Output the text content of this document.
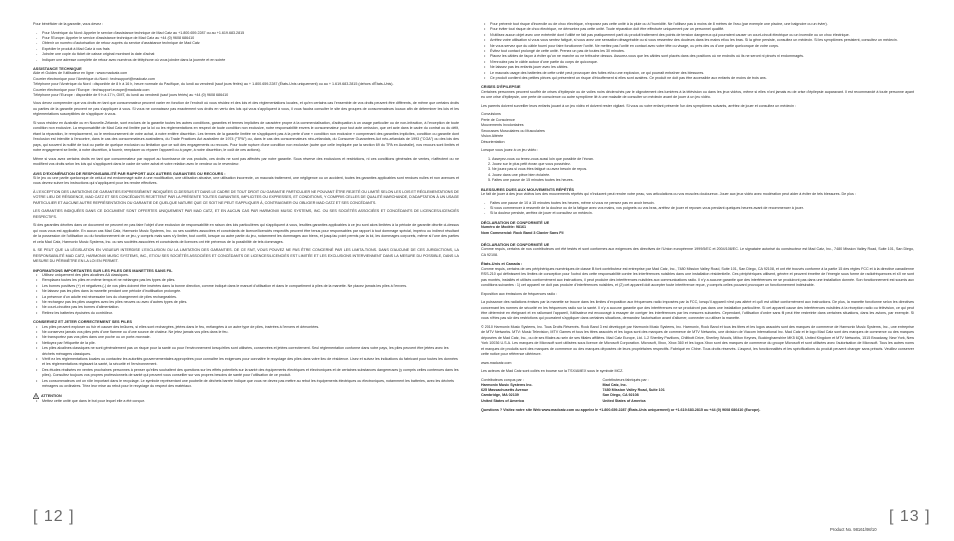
Pour bénéficier de la garantie, vous devez :

- Pour l'Amérique du Nord: Appeler le service d'assistance technique de Mad Catz au +1.800.659.2287 ou au +1.619.683.2815
- Pour l'Europe: Appeler le service d'assistance technique de Mad Catz au +44 (0) 9608 686410
- Obtenir un numéro d'autorisation de retour auprès du service d'assistance technique de Mad Catz
- Expédier le produit à Mad Catz à vos frais
- Joindre une copie du ticket de caisse original montrant la date d'achat
- Indiquer une adresse complète de retour avec numéros de téléphone où vous joindre dans la journée et en soirée
ASSISTANCE TECHNIQUE
Aide et Guides de l'utilisateur en ligne : www.madcatz.com
Courrier électronique pour l'Amérique du Nord : techsupport@madcatz.com
Téléphone pour l'Amérique du Nord : disponible de 8 h à 16 h, heure normale du Pacifique, du lundi au vendredi (sauf jours fériés) au + 1.800.659.2287 (États-Unis uniquement) ou au + 1.619.683.2815 (dehors d'États-Unis).
Courrier électronique pour l'Europe : techsupport.europe@madcatz.com
Téléphone pour l'Europe : disponible de 9 h à 17 h, GMT, du lundi au vendredi (sauf jours fériés) au +44 (0) 9608 686410

Vous devez comprendre que vos droits en tant que consommateur peuvent varier en fonction de l'endroit où vous résidez et des lois et des réglementations locales, et qu'en certains cas l'ensemble de vos droits peuvent être différents, de même que certains droits ou parties de la garantie peuvent ne pas s'appliquer à vous. Si vous ne connaissez pas exactement vos droits en vertu des lois qui vous s'appliquent à vous, il vous faudra consulter le site des groupes de consommateurs locaux afin de déterminer les lois et les réglementations susceptibles de s'appliquer à vous.

Si vous résidez en Australie ou en Nouvelle-Zélande, sont exclues de la garantie toutes les autres conditions, garanties et termes implicites de caractère propre à la commercialisation, d'adéquation à un usage particulier ou de non-infraction, à l'exception de toute condition non exclusive. La responsabilité de Mad Catz est limitée par la loi ou les réglementations en respect de toute condition non exclusive, notre responsabilité envers le consommateur pour tout acte omission, que cet acte dans le cadre du contrat ou du délit, étant la réparation, le remplacement, ou le remboursement de votre achat, à notre entière discrétion. Les termes de la garantie limitée ne s'appliquent pas à la perte d'une « condition non exclusive » comprenant des garanties implicites, condition ou garantie dont l'exclusion est interdite à l'encontre, dans le cas des consommateurs australiens, du Trade Practices Act australien de 1974 ("TPA") ou, dans le cas des consommateurs néo-zélandais, du Consumer Guarantees Act néo-zélandais de 1993 ("CGA") ou des lois des pays, qui souvent la nullité de tout ou partie de quelque exclusion ou limitation que ce soit des engagements ou recours. Pour toute rupture d'une condition non exclusive (autre que celle impliquée par la section 69 du TPA en Australie), nos recours sont limités et notre engagement se limite, à notre discrétion, à fournir, remplacer ou réparer l'appareil ou à payer, à notre discrétion, le coût de ces actions).

Même si vous avez certains droits en tant que consommateur par rapport au fournisseur de vos produits, ces droits ne sont pas affectés par notre garantie. Sous réserve des exclusions et restrictions, ni ces conditions générales de ventes, n'affectent ou ne modifient vos droits selon les lois qui s'appliquent dans le cadre de votre achat et votre relation avec le vendeur ou le revendeur.

AVIS D'EXONÉRATION DE RESPONSABILITÉ PAR RAPPORT AUX AUTRES GARANTIES OU RECOURS :

Si le jeu ou une partie quelconque de celui-ci est endommagé suite à une modification, une utilisation abusive, une utilisation incorrecte, un mauvais traitement, une négligence ou un accident, toutes les garanties applicables sont rendues nulles et non avenues et vous devrez suivre les instructions qui s'appliquent pour les rendre effectives.

À L'EXCEPTION DES LIMITATIONS DE GARANTIES EXPRESSÉMENT INDIQUÉES CI-DESSUS ET DANS LE CADRE DE TOUT DROIT OU GARANTIE PARTICULIER NE POUVANT ÊTRE REJETÉ OU LIMITÉ SELON LES LOIS ET RÉGLEMENTATIONS DE VOTRE LIEU DE RÉSIDENCE, MAD CATZ ET SES CONCÉDANTS REJETTENT PAR LA PRÉSENTE TOUTES GARANTIES, IMPLICITES OU EXPRESSES, ET CONDITIONS, Y COMPRIS CELLES DE QUALITÉ MARCHANDE, D'ADAPTATION À UN USAGE PARTICULIER ET AUCUNE AUTRE REPRÉSENTATION OU GARANTIE DE QUELQUE NATURE QUE CE SOIT NE PEUT S'APPLIQUER À, CONTRAIGNER OU OBLIGER MAD CATZ ET SES CONCÉDANTS.

LES GARANTIES INDIQUÉES DANS CE DOCUMENT SONT OFFERTES UNIQUEMENT PAR MAD CATZ, ET EN AUCUN CAS PAR HARMONIX MUSIC SYSTEMS, INC. OU SES SOCIÉTÉS ASSOCIÉES ET CONCÉDANTS DE LICENCES/LICENCIÉS RESPECTIFS.

Si des garanties décrites dans ce document ne peuvent en pas faire l'objet d'une exclusion de responsabilité en raison des lois particulières qui s'appliquent à vous, lesdites garanties applicables à ce jeu sont alors limitées à la période de garantie décrite ci-dessus qui vous vous est applicable. En aucun cas Mad Catz, Harmonix Music Systems, Inc. ou ses sociétés associées et concédants de licence/licenciés respectifs peuvent être tenus pour responsables par rapport à tout dommage spécial, imprévu ou indirect résultant de la possession de l'utilisation ou du fonctionnement de ce jeu, y compris mais sans s'y limiter, tout conflit, lorsque ou autre partie du jeu, notamment les dommages aux biens, et jusqu'au point permis par la loi, les dommages corporels, même si l'une des parties et cela Mad Catz, Harmonix Music Systems, Inc. ou ses sociétés associées et concédants de licences ont été prévenus de la possibilité de tels dommages.

IL SE PEUT QUE LA LÉGISLATION EN VIGUEUR INTERDISE L'EXCLUSION OU LA LIMITATION DES GARANTIES. DE CE FAIT, VOUS POUVEZ NE PAS ÊTRE CONCERNÉ PAR LES LIMITA-TIONS. DANS D'AUCUNE DE CES JURIDICTIONS, LA RESPONSABILITÉ MAD CATZ, HARMONIX MUSIC SYSTEMS, INC., ET/OU SES SOCIÉTÉS ASSOCIÉES ET CONCÉDANTS DE LICENCES/LICENCIÉS EST LIMITÉE ET LES EXCLUSIONS INTERVIENNENT DANS LA MESURE DU POSSIBLE, DANS LA MESURE DU PÉRIMÈTRE EN LA LOI EN PERMET.

INFORMATIONS IMPORTANTES SUR LES PILES DES MANETTES SANS FIL
• Utilisez uniquement des piles alcalines AA classiques.
• Remplacez toutes les piles en même temps et ne mélangez pas les types de piles.
• Les bornes positives (+) et négatives (-) de vos piles doivent être insérées dans la bonne direction, comme indiqué dans le manuel d'utilisation et dans le compartiment à piles de la manette. Ne placez jamais les piles à l'envers.
• Ne laissez pas les piles dans la manette pendant une période d'inutilisation prolongée.
• La présence d'un adulte est nécessaire lors du changement de piles rechargeables.
• Ne rechargez pas les piles usagées avec les piles neuves ou avec d'autres types de piles.
• Ne court-circuitez pas les bornes d'alimentation.
• Retirez les batteries épuisées du contrôleur.
CONSERVEZ ET JETER CORRECTEMENT SES PILES
• Les piles peuvent exploser ou fuir et causer des brûlures, si elles sont rechargées, jetées dans le feu, mélangées à un autre type de piles, insérées à l'envers et démontées.
• Ne conservez jamais vos piles près d'une flamme ou d'une source de chaleur. Ne jetez jamais vos piles dans le feu.
• Ne transportez pas vos piles dans une poche ou un porte-monnaie.
• Nettoyez par l'étiquette de la pile.
• Les piles alcalines classiques ne sont généralement pas un risque pour la santé ou pour l'environnement lorsqu'elles sont utilisées, conservées et jetées correctement. Seul réglementation conforme dans votre pays, les piles peuvent être jetées avec les déchets ménagers classiques.
• Vérifi ez les réglementations locales ou contactez les autorités gouvernementales appropriées pour connaître les exigences pour connaître le recyclage des piles dans votre lieu de résidence. Lisez et suivez les indications du fabricant pour toutes les données et les réglementations régissant la santé, la sécurité et l'environnement.
• Des études réalisées en ventes prochaines personnes à penser qu'elles souhaitent des questions sur les effets potentiels sur la santé des équipements électriques et électroniques et de certaines substances dangereuses (y compris celles contenues dans les piles). Consultez toujours vos propres professionnels de santé qui peuvent vous conseiller sur vos propres besoins de santé pour l'utilisation de ce produit.
• Les consommateurs ont un rôle important dans le recyclage. Le symbole représentant une poubelle de déchets barrée indique que vous ne devez pas mettre au rebut les équipements électriques ou électroniques, notamment les batteries, avec les déchets ménagers ou ordinaires. Triez leur mise au rebut pour le recyclage du respect des matériaux.
ATTENTION
• Mettez cette unité que dans le but pour lequel elle a été conçue.
• Pour prévenir tout risque d'incendie ou de choc électrique, n'exposez pas cette unité à la pluie ou à l'humidité. Ne l'utilisez pas à moins de 8 mètres de l'eau (par exemple une piscine, une baignoire ou un évier).
• Pour éviter tout risque de choc électrique, ne démontez pas cette unité. Toute réparation doit être effectuée uniquement par un personnel qualifié.
• N'utilisez aucun objet avec une extrémité dont l'utilité ne fait pas pratiquement parti du produit traitement des points de tension dangereux qui pourraient causer un court-circuit électrique ou un incendie ou un choc électrique.
• Arrêtez votre utilisation si vous vous sentez fatigué, si vous avez une sensation désagréable ou si vous ressentez des douleurs dans les mains et/ou les bras. Si la gêne persiste, consultez un médecin. Si les symptômes persistent, consultez un médecin.
• Ne vous servez que du câble fourni pour faire fonctionner l'unité. Ne mettez pas l'unité en contact avec votre tête ou visage, ou près des os d'une partie quelconque de votre corps.
• Évitez tout contact prolongé de cette unité. Prenez un pas de toutes les 30 minutes.
• Placez les câbles de façon à éviter qu'on ne marche ou ne trébuche dessus. Assurez-vous que les câbles sont placés dans des positions où ne endroits où ils ne seront ni pincés ni endommagés.
• N'enroulez pas le câble autour d'une partie du corps de quiconque.
• Ne laissez pas les enfants jouer avec les câbles.
• Le mauvais usage des batteries de cette unité peut provoquer des fuites et/ou une explosion, ce qui pourrait entraîner des blessures.
• Ce produit contient des petites pièces qui présentent un risque d'étouffement si elles sont avalées. Ce produit ne doit pas être accessible aux enfants de moins de trois ans.
CRISES D'ÉPILEPSIE

Certaines personnes peuvent souffrir de crises d'épilepsie ou de voiles noirs déclenchés par le clignotement des lumières à la télévision ou dans les jeux vidéos, même si elles n'ont jamais eu de crise d'épilepsie auparavant. Il est recommandé à toute personne ayant eu une crise d'épilepsie, une perte de conscience ou autre symptôme lié à une maladie de consulter un médecin avant de jouer à un jeu vidéo.

Les parents doivent surveiller leurs enfants jouant à un jeu vidéo et doivent rester vigilant. Si vous ou votre enfant présente l'un des symptômes suivants, arrêtez de jouer et consultez un médecin :

Convulsions
Perte de Conscience
Mouvements Involontaires
Secousses Musculaires ou Musculaires
Vision Altérée
Désorientation

Lorsque vous jouez à un jeu vidéo :

1. Asseyez-vous ou tenez-vous aussi loin que possible de l'écran.
2. Jouez sur le plus petit écran que vous possédez.
3. Ne jouez pas si vous êtes fatigué ou avez besoin de repos.
4. Jouez dans une pièce bien éclairée.
5. Faites une pause de 15 minutes toutes les heures.
BLESSURES DUES AUX MOUVEMENTS RÉPÉTÉS

Le fait de jouer à des jeux vidéos lors des mouvements répétés qui n'inducent peut rendre votre peau, vos articulations ou vos muscles douloureux. Jouer aux jeux vidéo avec modération peut aider à éviter de tels blessures. De plus :

- Faites une pause de 10 à 15 minutes toutes les heures, même si vous ne pensez pas en avoir besoin.
- Si vous commencer à ressentir de la douleur ou de la fatigue avec vos mains, vos poignets ou vos bras, arrêtez de jouer et reposer-vous pendant quelques heures avant de recommencer à jouer.
- Si la douleur persiste, arrêtez de jouer et consultez un médecin.
DÉCLARATION DE CONFORMITÉ UE
Numéro de Modèle: 98161
Nom Commercial: Rock Band 3 Clavier Sans Fil
DÉCLARATION DE CONFORMITÉ UE

Comme requis, certains de nos contributeurs ont été testés et sont conformes aux exigences des directives de l'Union européenne 1999/5/EC et 2004/108/EC. Le signataire autorisé du constructeur est Mad Catz, Inc., 7480 Mission Valley Road, Suite 101, San Diego, CA 92108.

États-Unis et Canada :

Comme requis, certains de ces périphériques numériques de classe B font contributeur est entreprise par Mad Catz, Inc., 7480 Mission Valley Road, Suite 101, San Diego, CA 92108, et ont été trouvés conforme à la partie 15 des règles FCC et à la directive canadienne RSS-210 qui définissent les limites de conception pour l'octroi des cette responsabilité contre les interférences nuisibles dans une installation résidentielle. Ces périphériques utilisent, génère et peuvent émettre de l'énergie sous forme de radiofréquences et s'il ne sont pas montés, installés et utilisés conformément aux instructions, il peut produire des interférences nuisibles aux communications radio. Il n'y a aucune garantie que des interférences ne se produiront pas dans une installation donnée. Son fonctionnement est soumis aux conditions suivantes : 1) cet appareil ne doit pas produire d'interférences nuisibles, et (2) cet appareil doit accepter toute interférence reçue, y compris celles pouvant provoquer un fonctionnement indésirable.

Exposition aux émissions de fréquences radio :

La puissance des radiations émises par la manette se trouve dans les limites d'exposition aux fréquences radio imposées par la FCC, lorsqu'il appareil n'est pas altéré et qu'il est utilisé conformément aux instructions. De plus, la manette fonctionne selon les directives concernant les normes de sécurité en les fréquences radio sur la santé. Il n'y a aucune garantie que des interférences ne se produiront pas dans une installation particulière. Si cet appareil cause des interférences nuisibles à la réception radio ou télévision, ce qui peut être déterminé en éteignant et en rallumant l'appareil, l'utilisateur est encouragé à essayer de corriger les interférences par les mesures suivantes. Cependant, l'utilisation d'ordre sans fil peut être restreinte dans certaines situations, dans les avions, par exemple. Si vous n'êtes pas sûr des restrictions qui pourraient s'appliquer dans certaines situations, demandez l'autorisation avant d'allumer, connecter ou utiliser la manette.

© 2010 Harmonix Music Systems, Inc. Tous Droits Réservés. Rock Band 3 est développé par Harmonix Music Systems, Inc. Harmonix, Rock Band et tous les titres et les logos associés sont des marques de commerce de Harmonix Music Systems, Inc., une entreprise de MTV Networks. MTV: Music Television, MTV Games et tous les titres associés et les logos sont des marques de commerce de MTV Networks, une division de Viacom International Inc. Mad Catz et le logo Mad Catz sont des marques de commerce ou des marques déposées de Mad Catz, Inc., ou de ses filiales au sein de ses filiales affiliées. Mad Catz Europe, Ltd. 1-2 Sheriley Pavilions, Chiltbott Drive, Sheriley Woods, Milton Keynes, Buckinghamshire MK5 6QB, United Kingdom et MTV Networks, 1515 Broadway, New York, New York 10036 U.S.A. Les marques de Microsoft sont utilisées sous licence de Microsoft Corporation. Microsoft, Xbox, Xbox 360 et les logos Xbox sont des marques de commerce du groupe Microsoft et sont utilisées avec l'autorisation de Microsoft. Tous les autres noms et marques de produits sont des marques de commerce ou des marques déposées de leurs propriétaires respectifs. Fabriqué en Chine. Tous droits réservés. L'aspect, les fonctionnalités et les spécifications du produit peuvent changer sans préavis. Veuillez conserver cette notice pour référence ultérieure.

www.madcatz.com

Les acteurs de Mad Catz sont collés en bourse sur la TSX/AMEX sous le symbole MCZ.

Contributeurs conçus par :
Harmonix Music Systems Inc.
625 Massachusetts Avenue
Cambridge, MA 02139
United States of America
Contributeurs fabriqués par :
Mad Catz, Inc.
7480 Mission Valley Road, Suite 101
San Diego, CA 92108
United States of America

Questions ? Visitez notre site Web www.madcatz.com ou appelez le +1.800.659.2287 (États-Unis uniquement) or +1.619.683.2815 ou +44 (0) 9608 686410 (Europe).

[ 12 ]	[ 13 ]
Product No. 98161/98/10
